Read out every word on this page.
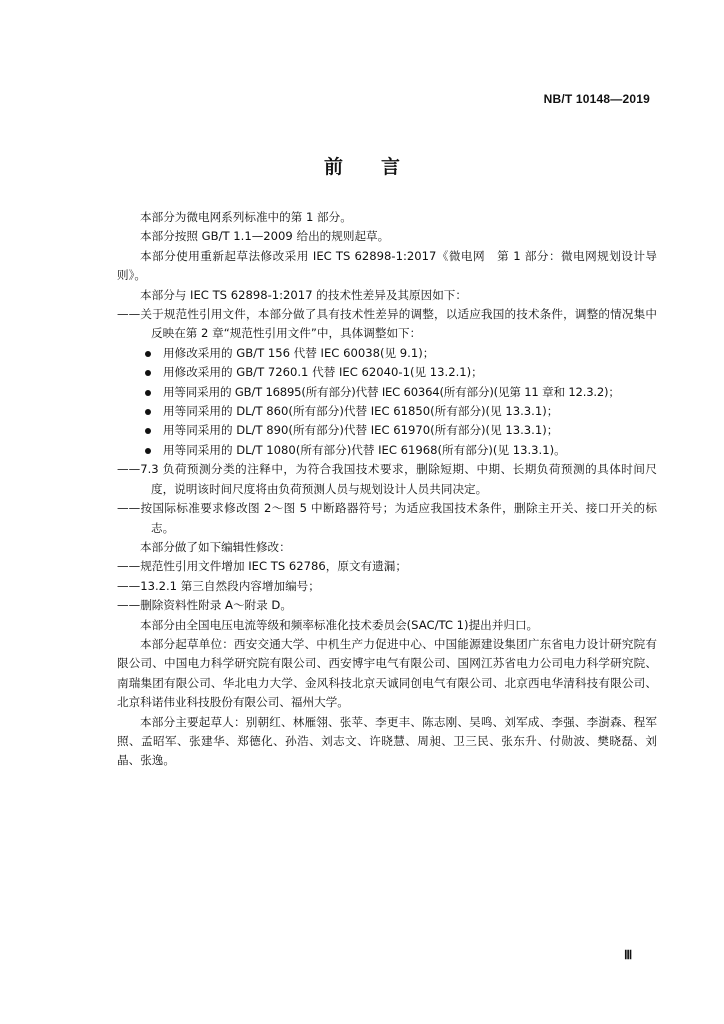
NB/T 10148—2019
前言

本部分为微电网系列标准中的第 1 部分。

本部分按照 GB/T 1.1—2009 给出的规则起草。

本部分使用重新起草法修改采用 IEC TS 62898-1:2017《微电网　第 1 部分：微电网规划设计导则》。

本部分与 IEC TS 62898-1:2017 的技术性差异及其原因如下：

——关于规范性引用文件，本部分做了具有技术性差异的调整，以适应我国的技术条件，调整的情况集中反映在第 2 章“规范性引用文件”中，具体调整如下：

用修改采用的 GB/T 156 代替 IEC 60038(见 9.1)；
用修改采用的 GB/T 7260.1 代替 IEC 62040-1(见 13.2.1)；
用等同采用的 GB/T 16895(所有部分)代替 IEC 60364(所有部分)(见第 11 章和 12.3.2)；
用等同采用的 DL/T 860(所有部分)代替 IEC 61850(所有部分)(见 13.3.1)；
用等同采用的 DL/T 890(所有部分)代替 IEC 61970(所有部分)(见 13.3.1)；
用等同采用的 DL/T 1080(所有部分)代替 IEC 61968(所有部分)(见 13.3.1)。

——7.3 负荷预测分类的注释中，为符合我国技术要求，删除短期、中期、长期负荷预测的具体时间尺度，说明该时间尺度将由负荷预测人员与规划设计人员共同决定。

——按国际标准要求修改图 2～图 5 中断路器符号；为适应我国技术条件，删除主开关、接口开关的标志。

本部分做了如下编辑性修改：

——规范性引用文件增加 IEC TS 62786，原文有遗漏；

——13.2.1 第三自然段内容增加编号；

——删除资料性附录 A～附录 D。

本部分由全国电压电流等级和频率标准化技术委员会(SAC/TC 1)提出并归口。

本部分起草单位：西安交通大学、中机生产力促进中心、中国能源建设集团广东省电力设计研究院有限公司、中国电力科学研究院有限公司、西安博宇电气有限公司、国网江苏省电力公司电力科学研究院、南瑞集团有限公司、华北电力大学、金风科技北京天诚同创电气有限公司、北京西电华清科技有限公司、北京科诺伟业科技股份有限公司、福州大学。

本部分主要起草人：别朝红、林雁翎、张苹、李更丰、陈志刚、吴鸣、刘军成、李强、李澍森、程军照、孟昭军、张建华、郑德化、孙浩、刘志文、许晓慧、周昶、卫三民、张东升、付勋波、樊晓磊、刘晶、张逸。

Ⅲ
